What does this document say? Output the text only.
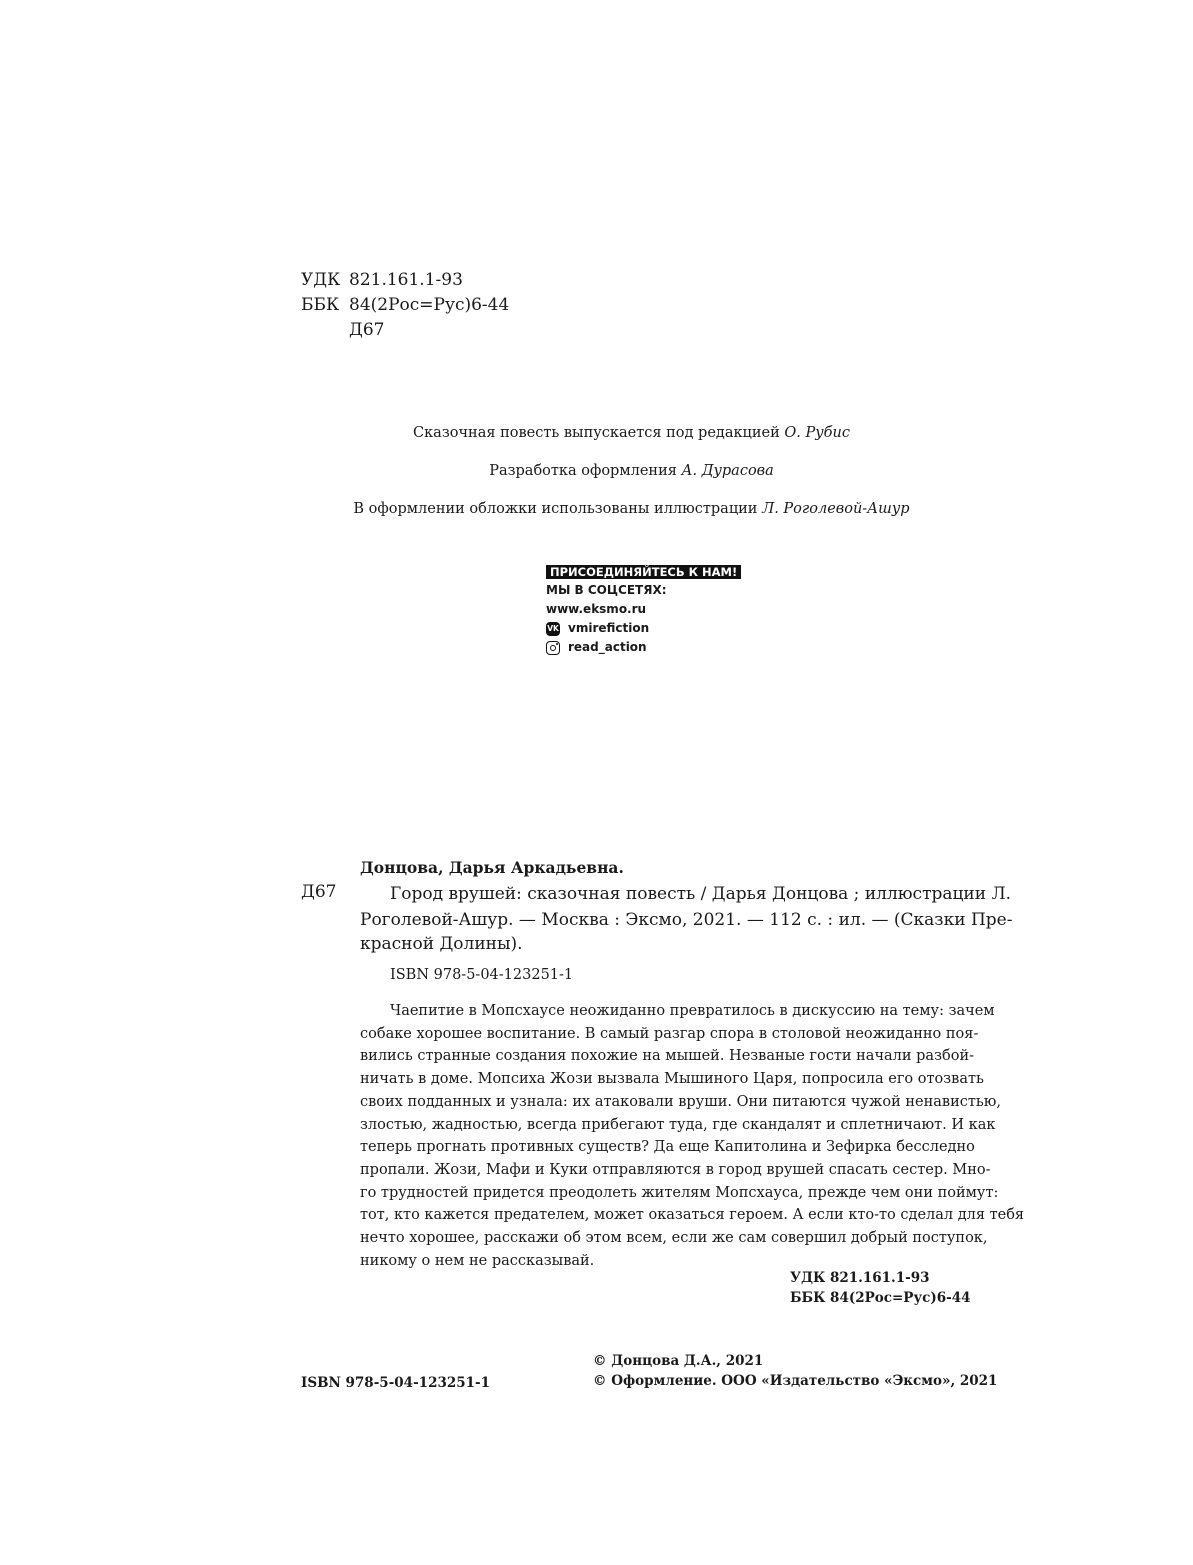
УДК 821.161.1-93
ББК 84(2Рос=Рус)6-44
Д67
Сказочная повесть выпускается под редакцией О. Рубис
Разработка оформления А. Дурасова
В оформлении обложки использованы иллюстрации Л. Роголевой-Ашур
ПРИСОЕДИНЯЙТЕСЬ К НАМ!
МЫ В СОЦСЕТЯХ:
www.eksmo.ru
VK vmirefiction
read_action
Донцова, Дарья Аркадьевна.
Д67	Город врушей: сказочная повесть / Дарья Донцова ; иллюстрации Л.
Роголевой-Ашур. — Москва : Эксмо, 2021. — 112 с. : ил. — (Сказки Пре-
красной Долины).
ISBN 978-5-04-123251-1
Чаепитие в Мопсхаусе неожиданно превратилось в дискуссию на тему: зачем
собаке хорошее воспитание. В самый разгар спора в столовой неожиданно поя-
вились странные создания похожие на мышей. Незваные гости начали разбой-
ничать в доме. Мопсиха Жози вызвала Мышиного Царя, попросила его отозвать
своих подданных и узнала: их атаковали вруши. Они питаются чужой ненавистью,
злостью, жадностью, всегда прибегают туда, где скандалят и сплетничают. И как
теперь прогнать противных существ? Да еще Капитолина и Зефирка бесследно
пропали. Жози, Мафи и Куки отправляются в город врушей спасать сестер. Мно-
го трудностей придется преодолеть жителям Мопсхауса, прежде чем они поймут:
тот, кто кажется предателем, может оказаться героем. А если кто-то сделал для тебя
нечто хорошее, расскажи об этом всем, если же сам совершил добрый поступок,
никому о нем не рассказывай.
УДК 821.161.1-93
ББК 84(2Рос=Рус)6-44
ISBN 978-5-04-123251-1
© Донцова Д.А., 2021
© Оформление. ООО «Издательство «Эксмо», 2021
